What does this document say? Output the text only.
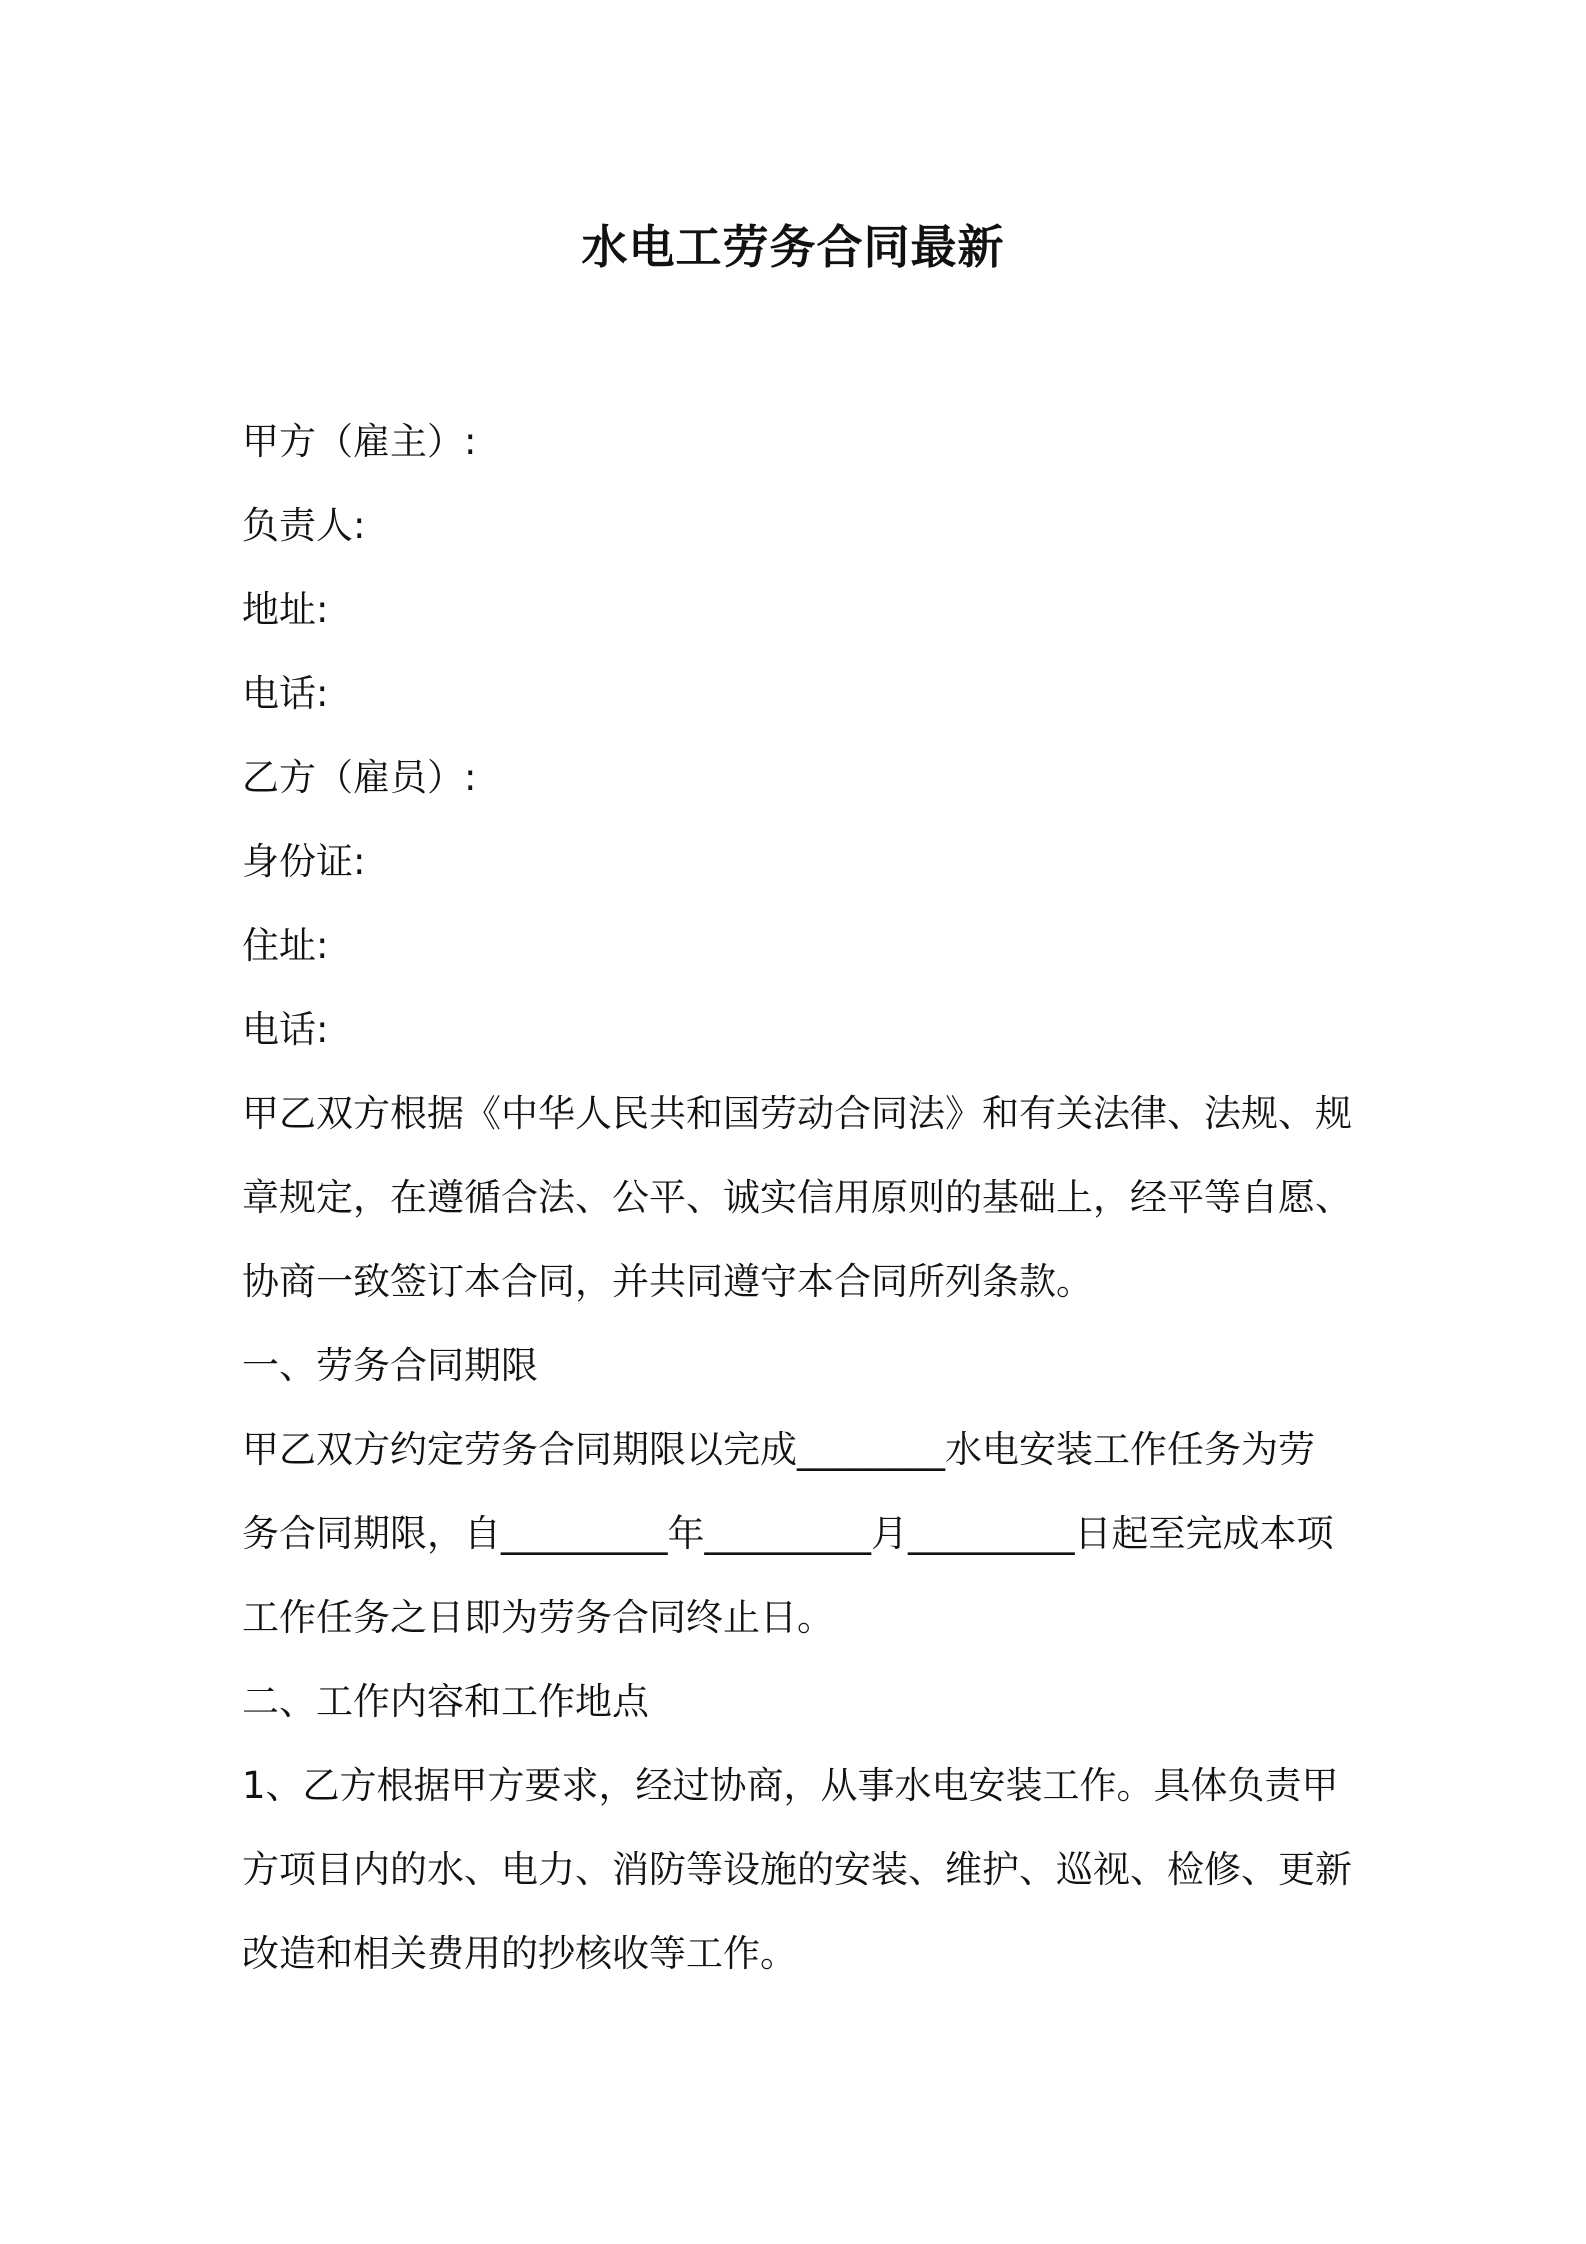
水电工劳务合同最新
甲方（雇主）:
负责人:
地址:
电话:
乙方（雇员）:
身份证:
住址:
电话:
甲乙双方根据《中华人民共和国劳动合同法》和有关法律、法规、规
章规定，在遵循合法、公平、诚实信用原则的基础上，经平等自愿、
协商一致签订本合同，并共同遵守本合同所列条款。
一、劳务合同期限
甲乙双方约定劳务合同期限以完成________水电安装工作任务为劳
务合同期限，自_________年_________月_________日起至完成本项
工作任务之日即为劳务合同终止日。
二、工作内容和工作地点
1、乙方根据甲方要求，经过协商，从事水电安装工作。具体负责甲
方项目内的水、电力、消防等设施的安装、维护、巡视、检修、更新
改造和相关费用的抄核收等工作。
